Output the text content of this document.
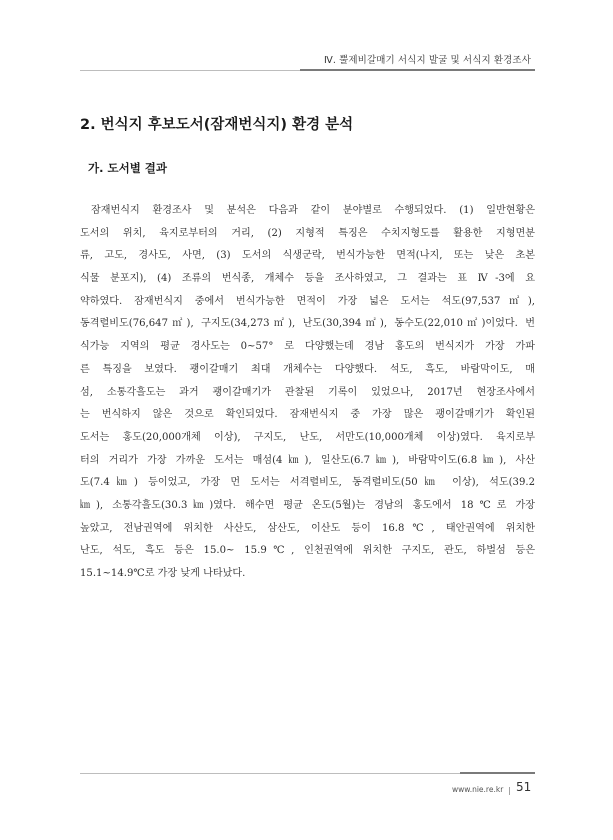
Ⅳ. 뿔제비갈매기 서식지 발굴 및 서식지 환경조사
2. 번식지 후보도서(잠재번식지) 환경 분석
가. 도서별 결과
잠재번식지 환경조사 및 분석은 다음과 같이 분야별로 수행되었다. (1) 일반현황은
도서의 위치, 육지로부터의 거리, (2) 지형적 특징은 수치지형도를 활용한 지형면분
류, 고도, 경사도, 사면, (3) 도서의 식생군락, 번식가능한 면적(나지, 또는 낮은 초본
식물 분포지), (4) 조류의 번식종, 개체수 등을 조사하였고, 그 결과는 표 Ⅳ-3에 요
약하였다. 잠재번식지 중에서 번식가능한 면적이 가장 넓은 도서는 석도(97,537㎡),
동격렬비도(76,647㎡), 구지도(34,273㎡), 난도(30,394㎡), 동수도(22,010㎡)이었다. 번
식가능 지역의 평균 경사도는 0~57° 로 다양했는데 경남 홍도의 번식지가 가장 가파
른 특징을 보였다. 괭이갈매기 최대 개체수는 다양했다. 석도, 흑도, 바람막이도, 매
섬, 소통각흘도는 과거 괭이갈매기가 관찰된 기록이 있었으나, 2017년 현장조사에서
는 번식하지 않은 것으로 확인되었다. 잠재번식지 중 가장 많은 괭이갈매기가 확인된
도서는 홍도(20,000개체 이상), 구지도, 난도, 서만도(10,000개체 이상)였다. 육지로부
터의 거리가 가장 가까운 도서는 매섬(4㎞), 일산도(6.7㎞), 바람막이도(6.8㎞), 사산
도(7.4㎞) 등이었고, 가장 먼 도서는 서격렬비도, 동격렬비도(50㎞ 이상), 석도(39.2
㎞), 소통각흘도(30.3㎞)였다. 해수면 평균 온도(5월)는 경남의 홍도에서 18℃로 가장
높았고, 전남권역에 위치한 사산도, 삼산도, 이산도 등이 16.8℃, 태안권역에 위치한
난도, 석도, 흑도 등은 15.0~ 15.9℃, 인천권역에 위치한 구지도, 관도, 하벌섬 등은
15.1~14.9℃로 가장 낮게 나타났다.
www.nie.re.kr | 51
